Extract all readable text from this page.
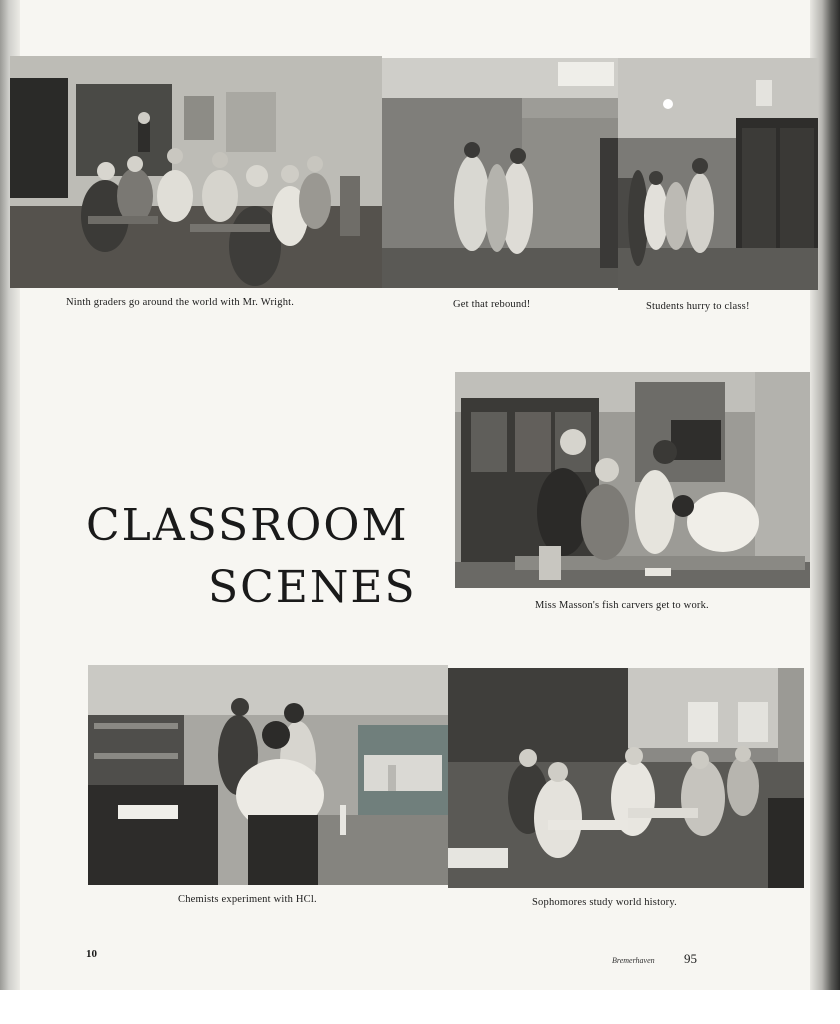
Ninth graders go around the world with Mr. Wright.	Get that rebound!	Students hurry to class!
CLASSROOM
SCENES	Miss Masson's fish carvers get to work.
Chemists experiment with HCl.	Sophomores study world history.
10
Bremerhaven 95
